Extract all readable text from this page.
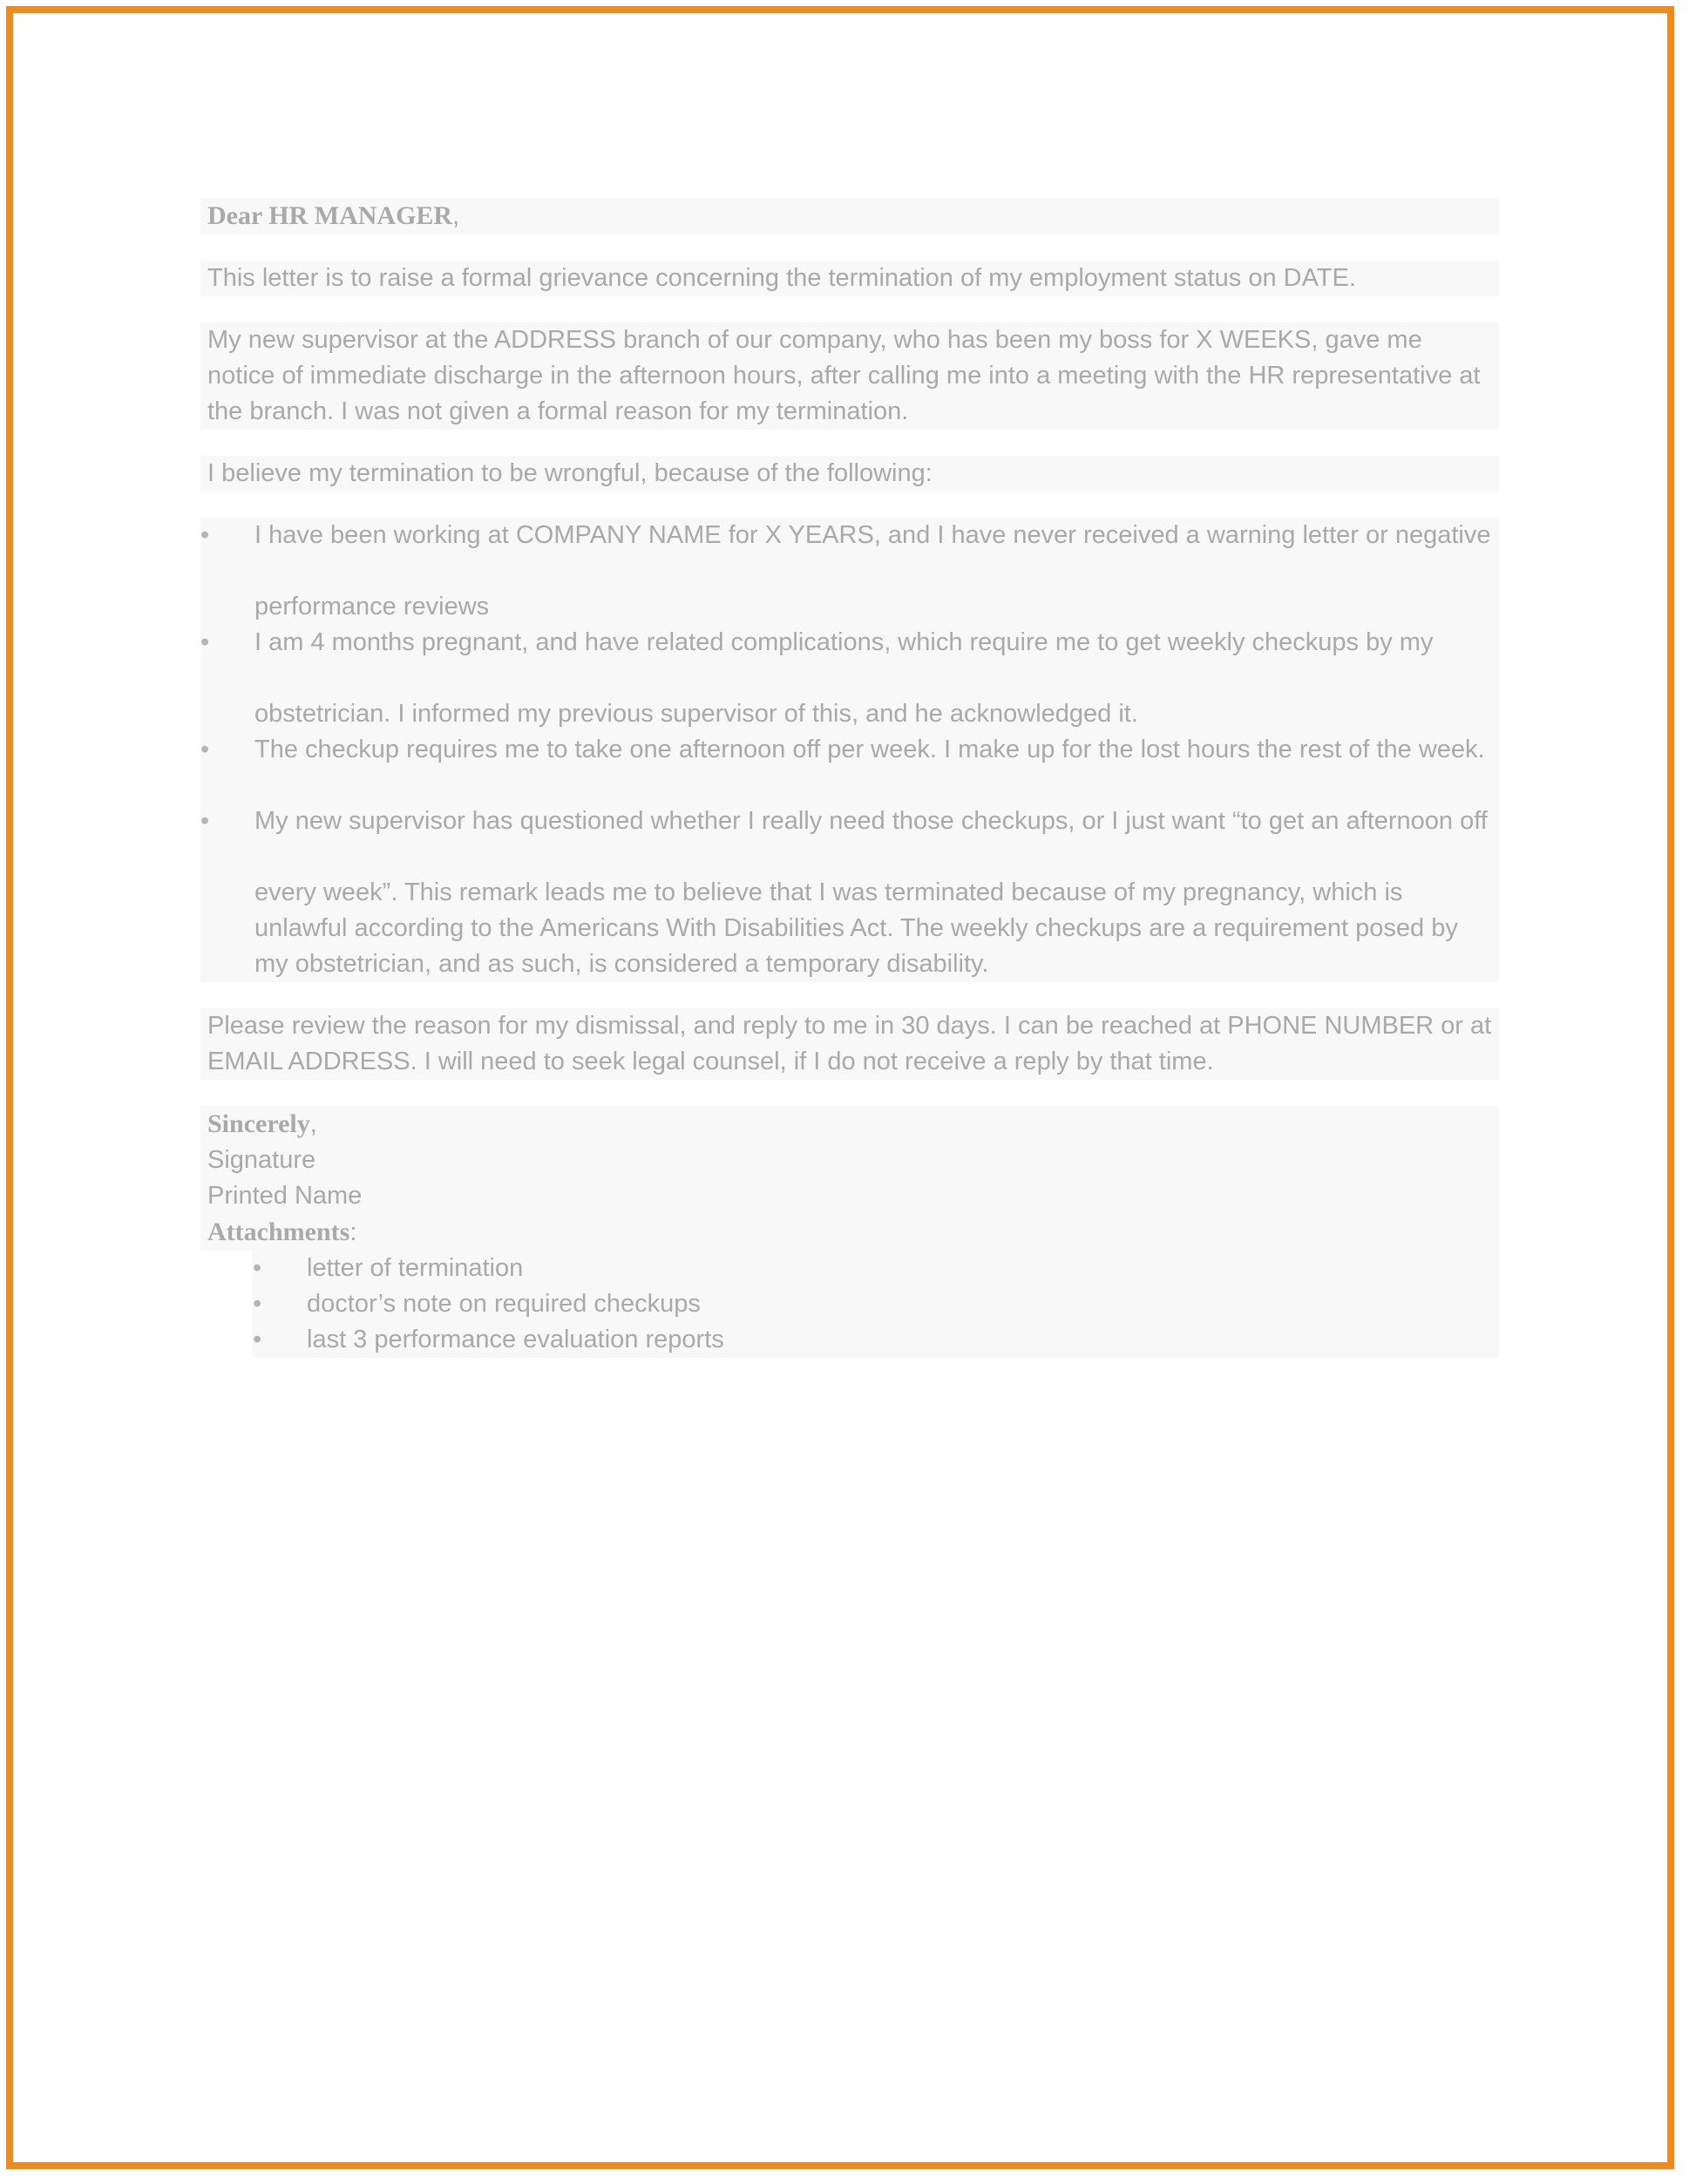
Dear HR MANAGER,

This letter is to raise a formal grievance concerning the termination of my employment status on DATE.

My new supervisor at the ADDRESS branch of our company, who has been my boss for X WEEKS, gave me notice of immediate discharge in the afternoon hours, after calling me into a meeting with the HR representative at the branch. I was not given a formal reason for my termination.

I believe my termination to be wrongful, because of the following:

• I have been working at COMPANY NAME for X YEARS, and I have never received a warning letter or negative performance reviews
• I am 4 months pregnant, and have related complications, which require me to get weekly checkups by my obstetrician. I informed my previous supervisor of this, and he acknowledged it.
• The checkup requires me to take one afternoon off per week. I make up for the lost hours the rest of the week.
• My new supervisor has questioned whether I really need those checkups, or I just want “to get an afternoon off every week”. This remark leads me to believe that I was terminated because of my pregnancy, which is unlawful according to the Americans With Disabilities Act. The weekly checkups are a requirement posed by my obstetrician, and as such, is considered a temporary disability.

Please review the reason for my dismissal, and reply to me in 30 days. I can be reached at PHONE NUMBER or at EMAIL ADDRESS. I will need to seek legal counsel, if I do not receive a reply by that time.

Sincerely,

Signature

Printed Name

Attachments:

• letter of termination
• doctor’s note on required checkups
• last 3 performance evaluation reports
